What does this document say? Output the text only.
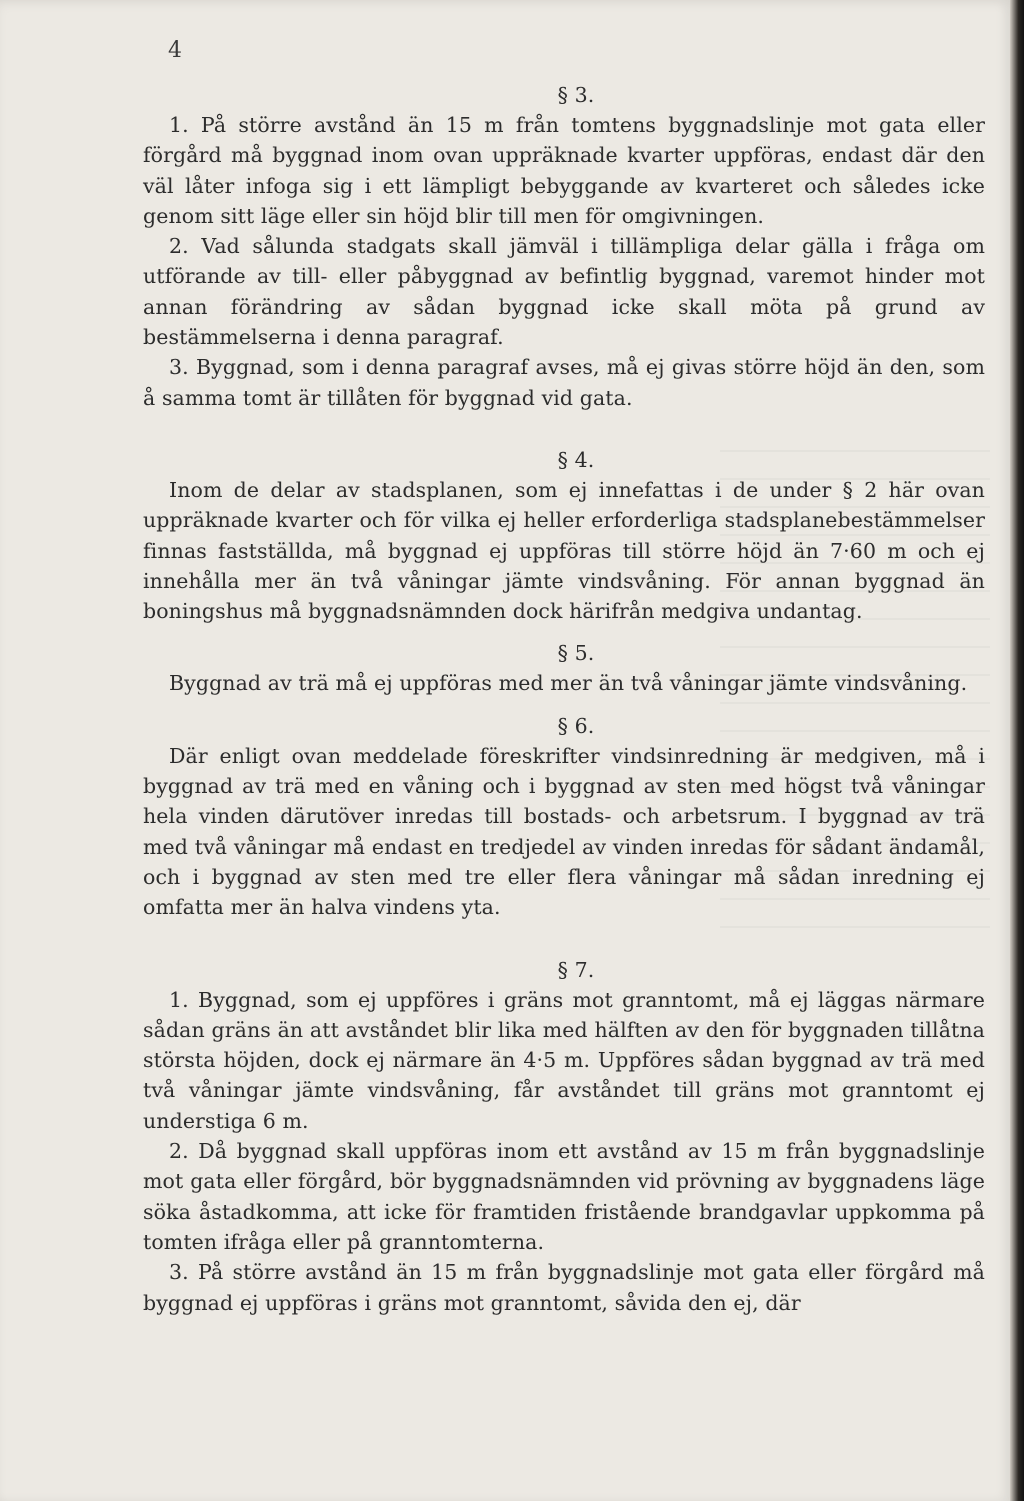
4
§ 3.

1. På större avstånd än 15 m från tomtens byggnadslinje mot gata eller förgård må byggnad inom ovan uppräknade kvarter uppföras, endast där den väl låter infoga sig i ett lämpligt bebyggande av kvarteret och således icke genom sitt läge eller sin höjd blir till men för omgivningen.

2. Vad sålunda stadgats skall jämväl i tillämpliga delar gälla i fråga om utförande av till- eller påbyggnad av befintlig byggnad, varemot hinder mot annan förändring av sådan byggnad icke skall möta på grund av bestämmelserna i denna paragraf.

3. Byggnad, som i denna paragraf avses, må ej givas större höjd än den, som å samma tomt är tillåten för byggnad vid gata.

§ 4.

Inom de delar av stadsplanen, som ej innefattas i de under § 2 här ovan uppräknade kvarter och för vilka ej heller erforderliga stadsplanebestämmelser finnas fastställda, må byggnad ej uppföras till större höjd än 7·60 m och ej innehålla mer än två våningar jämte vindsvåning. För annan byggnad än boningshus må byggnadsnämnden dock härifrån medgiva undantag.

§ 5.

Byggnad av trä må ej uppföras med mer än två våningar jämte vindsvåning.

§ 6.

Där enligt ovan meddelade föreskrifter vindsinredning är medgiven, må i byggnad av trä med en våning och i byggnad av sten med högst två våningar hela vinden därutöver inredas till bostads- och arbetsrum. I byggnad av trä med två våningar må endast en tredjedel av vinden inredas för sådant ändamål, och i byggnad av sten med tre eller flera våningar må sådan inredning ej omfatta mer än halva vindens yta.

§ 7.

1. Byggnad, som ej uppföres i gräns mot granntomt, må ej läggas närmare sådan gräns än att avståndet blir lika med hälften av den för byggnaden tillåtna största höjden, dock ej närmare än 4·5 m. Uppföres sådan byggnad av trä med två våningar jämte vindsvåning, får avståndet till gräns mot granntomt ej understiga 6 m.

2. Då byggnad skall uppföras inom ett avstånd av 15 m från byggnadslinje mot gata eller förgård, bör byggnadsnämnden vid prövning av byggnadens läge söka åstadkomma, att icke för framtiden fristående brandgavlar uppkomma på tomten ifråga eller på granntomterna.

3. På större avstånd än 15 m från byggnadslinje mot gata eller förgård må byggnad ej uppföras i gräns mot granntomt, såvida den ej, där
